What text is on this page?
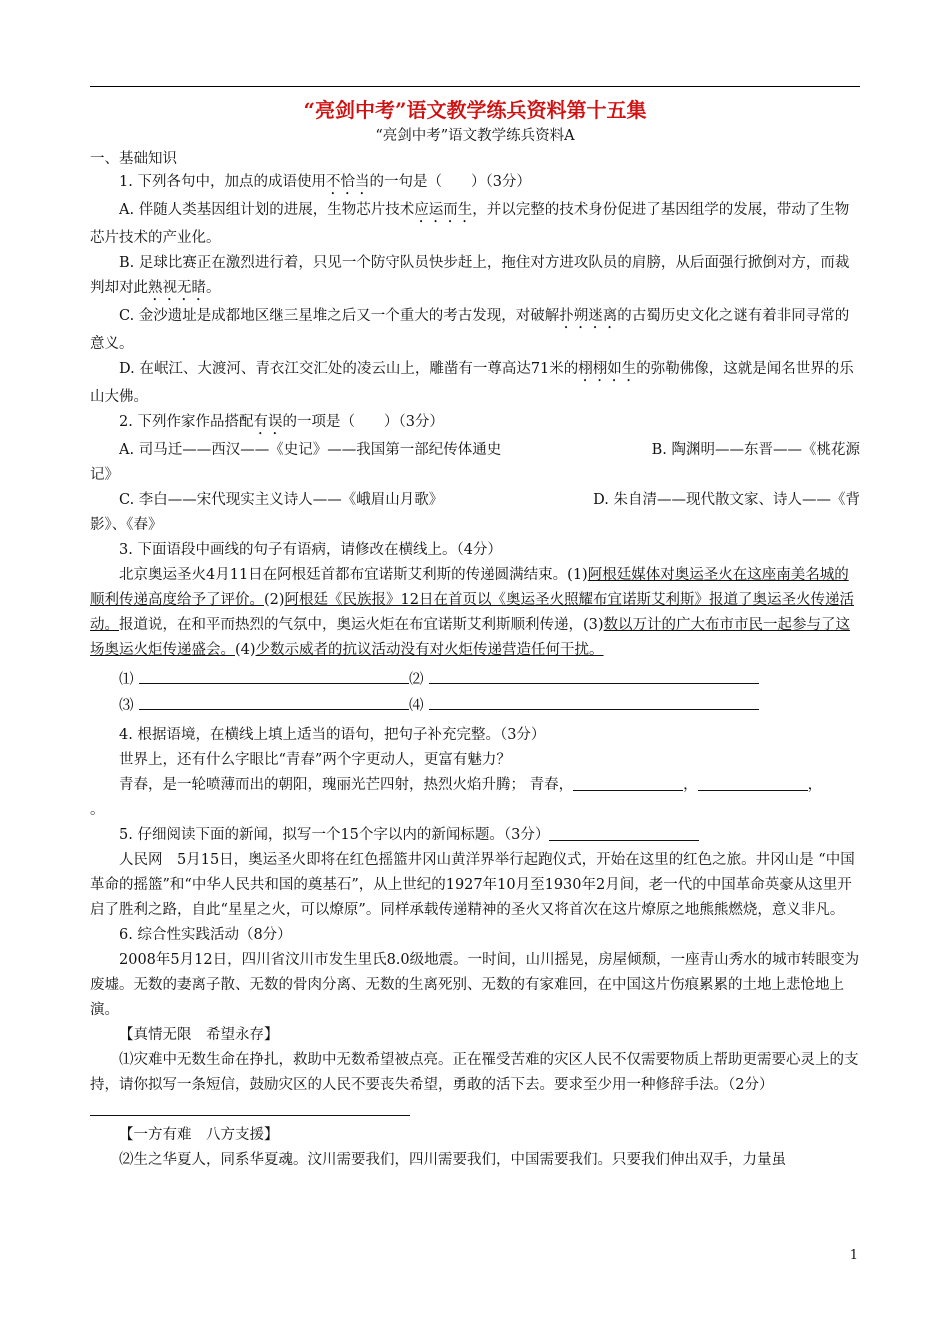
“亮剑中考”语文教学练兵资料第十五集
“亮剑中考”语文教学练兵资料A

一、基础知识

1. 下列各句中，加点的成语使用不恰当的一句是（　　）（3分）

A. 伴随人类基因组计划的进展，生物芯片技术应运而生，并以完整的技术身份促进了基因组学的发展，带动了生物芯片技术的产业化。

B. 足球比赛正在激烈进行着，只见一个防守队员快步赶上，拖住对方进攻队员的肩膀，从后面强行掀倒对方，而裁判却对此熟视无睹。

C. 金沙遗址是成都地区继三星堆之后又一个重大的考古发现，对破解扑朔迷离的古蜀历史文化之谜有着非同寻常的意义。

D. 在岷江、大渡河、青衣江交汇处的凌云山上，雕凿有一尊高达71米的栩栩如生的弥勒佛像，这就是闻名世界的乐山大佛。

2. 下列作家作品搭配有误的一项是（　　）（3分）

A. 司马迁——西汉——《史记》——我国第一部纪传体通史	B. 陶渊明——东晋——《桃花源

记》

C. 李白——宋代现实主义诗人——《峨眉山月歌》	D. 朱自清——现代散文家、诗人——《背

影》、《春》

3. 下面语段中画线的句子有语病，请修改在横线上。（4分）

北京奥运圣火4月11日在阿根廷首都布宜诺斯艾利斯的传递圆满结束。(1)阿根廷媒体对奥运圣火在这座南美名城的顺利传递高度给予了评价。(2)阿根廷《民族报》12日在首页以《奥运圣火照耀布宜诺斯艾利斯》报道了奥运圣火传递活动。报道说，在和平而热烈的气氛中，奥运火炬在布宜诺斯艾利斯顺利传递，(3)数以万计的广大布市市民一起参与了这场奥运火炬传递盛会。(4)少数示威者的抗议活动没有对火炬传递营造任何干扰。

⑴	⑵
⑶	⑷

4. 根据语境，在横线上填上适当的语句，把句子补充完整。（3分）

世界上，还有什么字眼比“青春”两个字更动人，更富有魅力？

青春，是一轮喷薄而出的朝阳，瑰丽光芒四射，热烈火焰升腾； 青春，	，	，

。

5. 仔细阅读下面的新闻，拟写一个15个字以内的新闻标题。（3分）

人民网　5月15日，奥运圣火即将在红色摇篮井冈山黄洋界举行起跑仪式，开始在这里的红色之旅。井冈山是 “中国革命的摇篮”和“中华人民共和国的奠基石”，从上世纪的1927年10月至1930年2月间，老一代的中国革命英豪从这里开启了胜利之路，自此“星星之火，可以燎原”。同样承载传递精神的圣火又将首次在这片燎原之地熊熊燃烧，意义非凡。

6. 综合性实践活动（8分）

2008年5月12日，四川省汶川市发生里氏8.0级地震。一时间，山川摇晃，房屋倾颓，一座青山秀水的城市转眼变为废墟。无数的妻离子散、无数的骨肉分离、无数的生离死别、无数的有家难回，在中国这片伤痕累累的土地上悲怆地上演。

【真情无限　希望永存】

⑴灾难中无数生命在挣扎，救助中无数希望被点亮。正在罹受苦难的灾区人民不仅需要物质上帮助更需要心灵上的支持，请你拟写一条短信，鼓励灾区的人民不要丧失希望，勇敢的活下去。要求至少用一种修辞手法。（2分）

【一方有难　八方支援】

⑵生之华夏人，同系华夏魂。汶川需要我们，四川需要我们，中国需要我们。只要我们伸出双手，力量虽

1
